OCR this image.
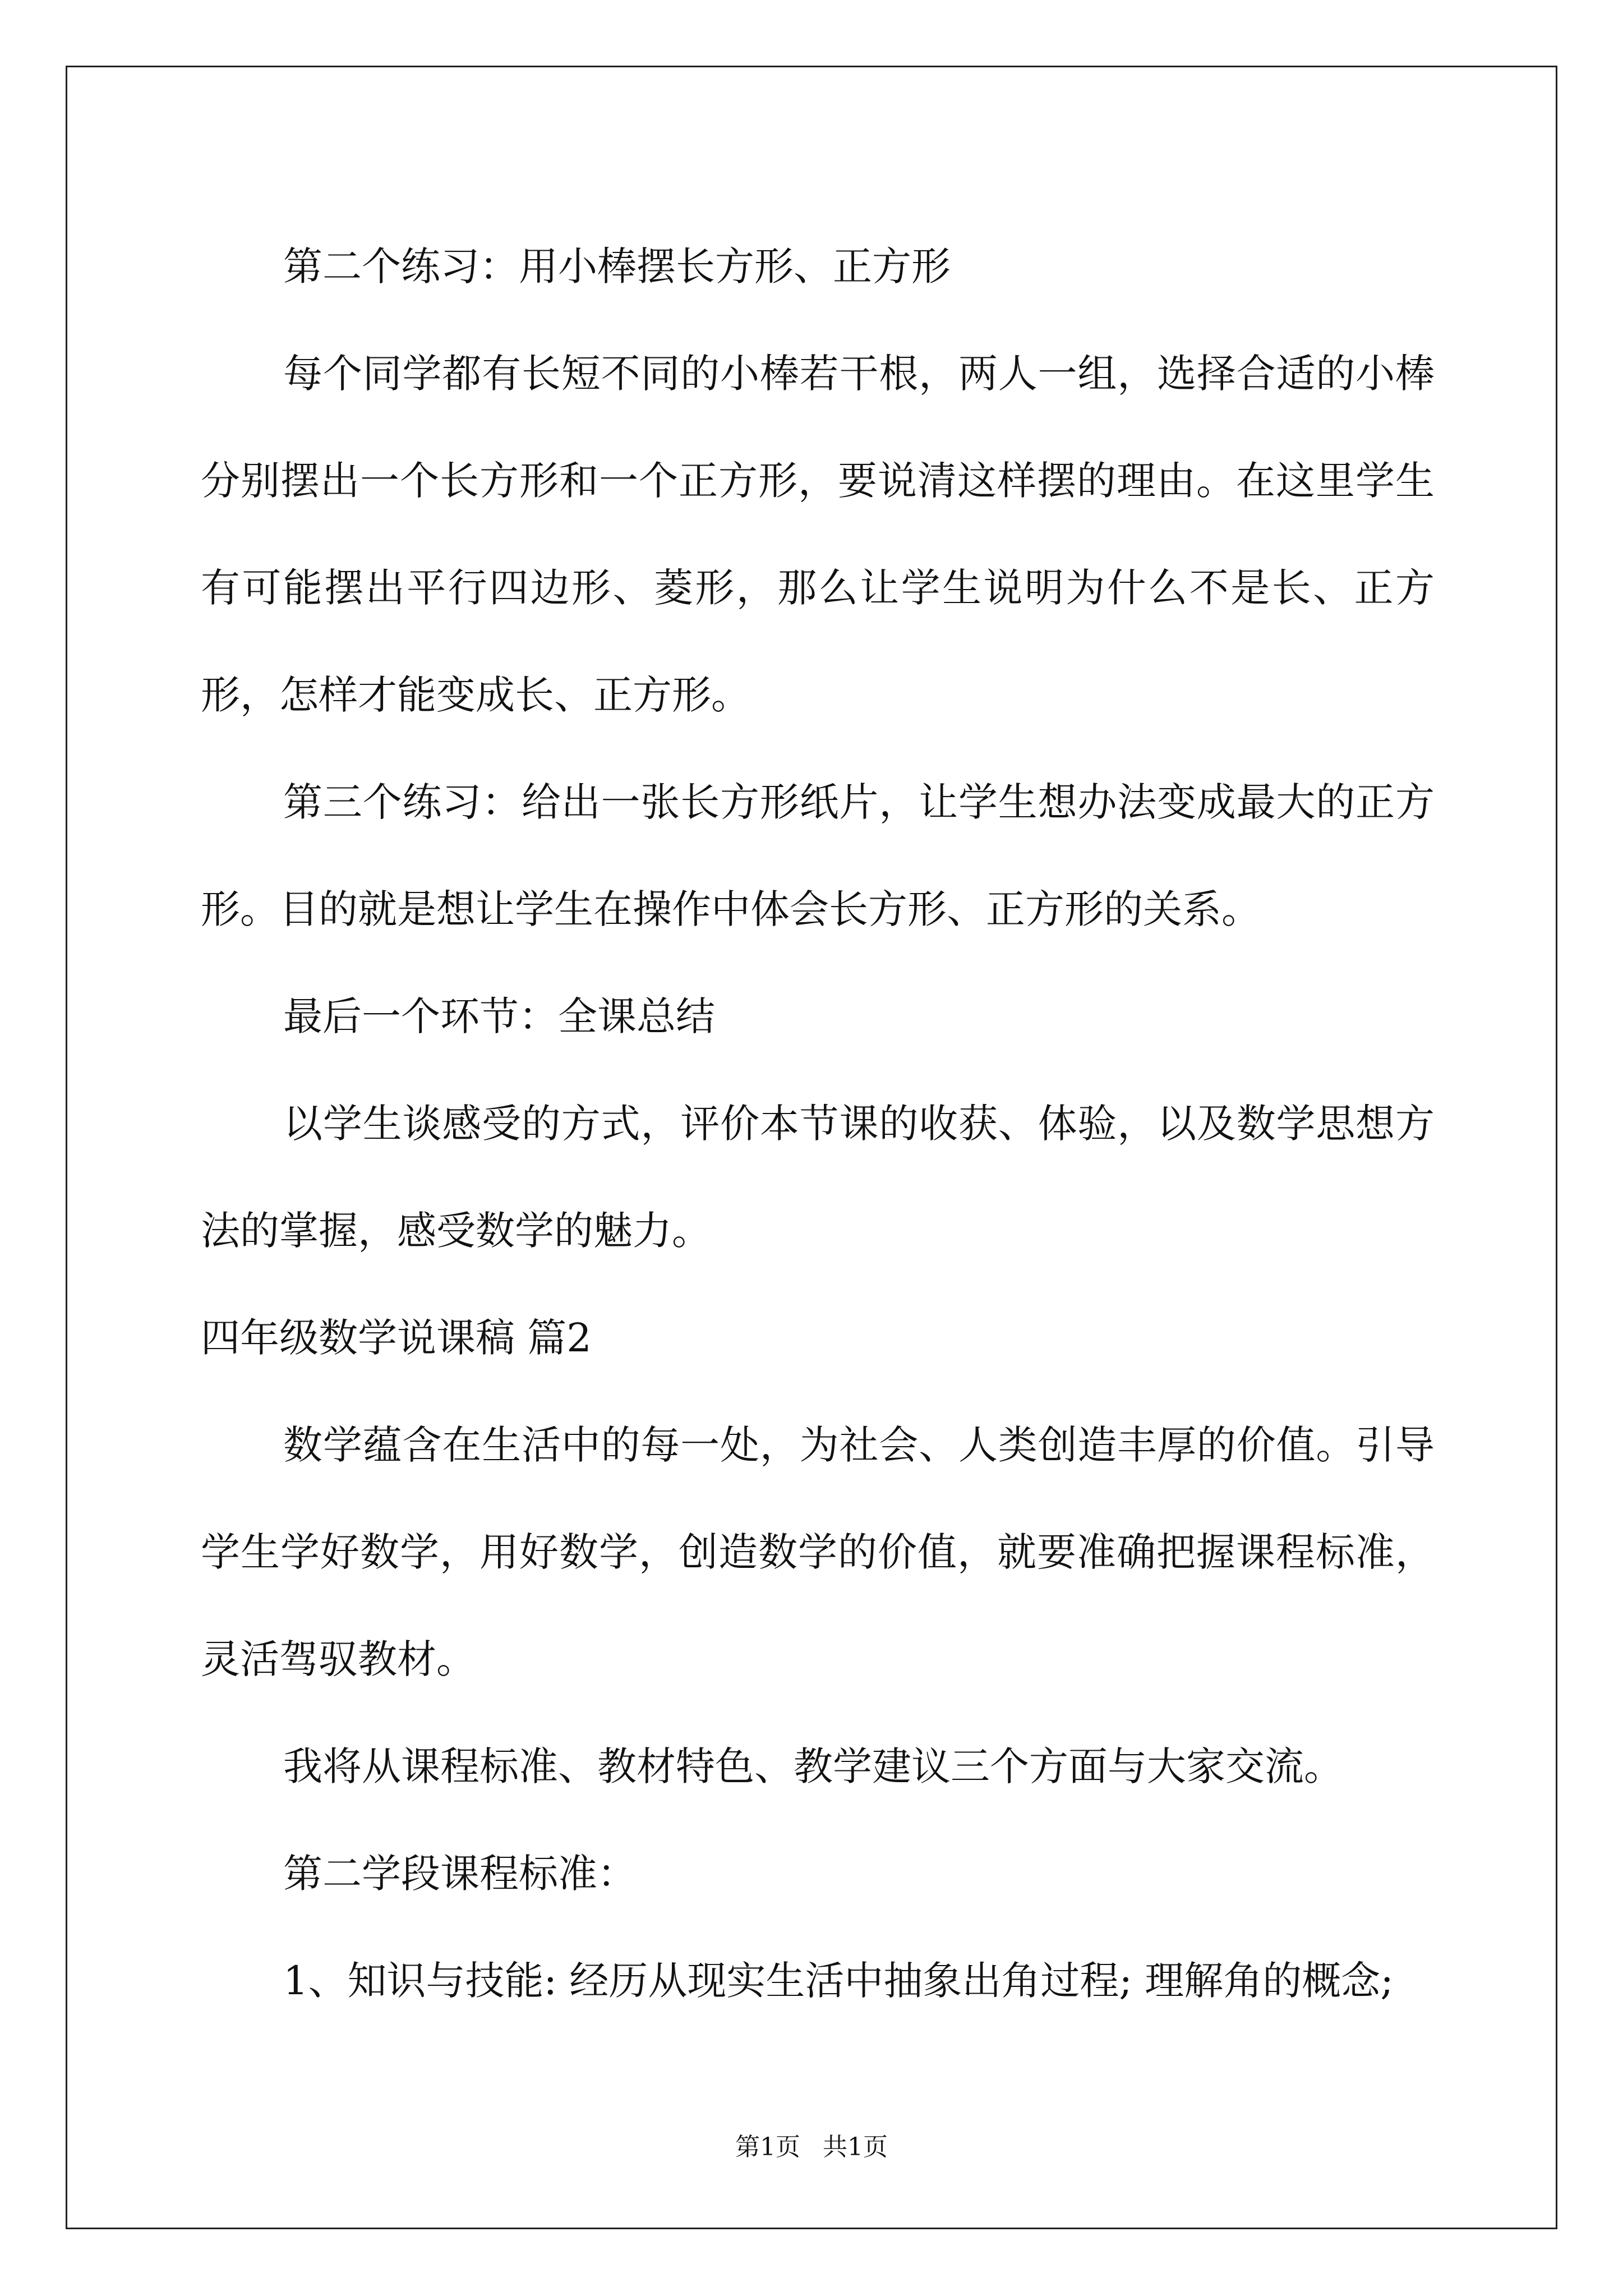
第二个练习：用小棒摆长方形、正方形

每个同学都有长短不同的小棒若干根，两人一组，选择合适的小棒分别摆出一个长方形和一个正方形，要说清这样摆的理由。在这里学生有可能摆出平行四边形、菱形，那么让学生说明为什么不是长、正方形，怎样才能变成长、正方形。

第三个练习：给出一张长方形纸片，让学生想办法变成最大的正方形。目的就是想让学生在操作中体会长方形、正方形的关系。

最后一个环节：全课总结

以学生谈感受的方式，评价本节课的收获、体验，以及数学思想方法的掌握，感受数学的魅力。

四年级数学说课稿 篇2

数学蕴含在生活中的每一处，为社会、人类创造丰厚的价值。引导学生学好数学，用好数学，创造数学的价值，就要准确把握课程标准，灵活驾驭教材。

我将从课程标准、教材特色、教学建议三个方面与大家交流。

第二学段课程标准：

1、知识与技能: 经历从现实生活中抽象出角过程; 理解角的概念;

第1页 共1页
